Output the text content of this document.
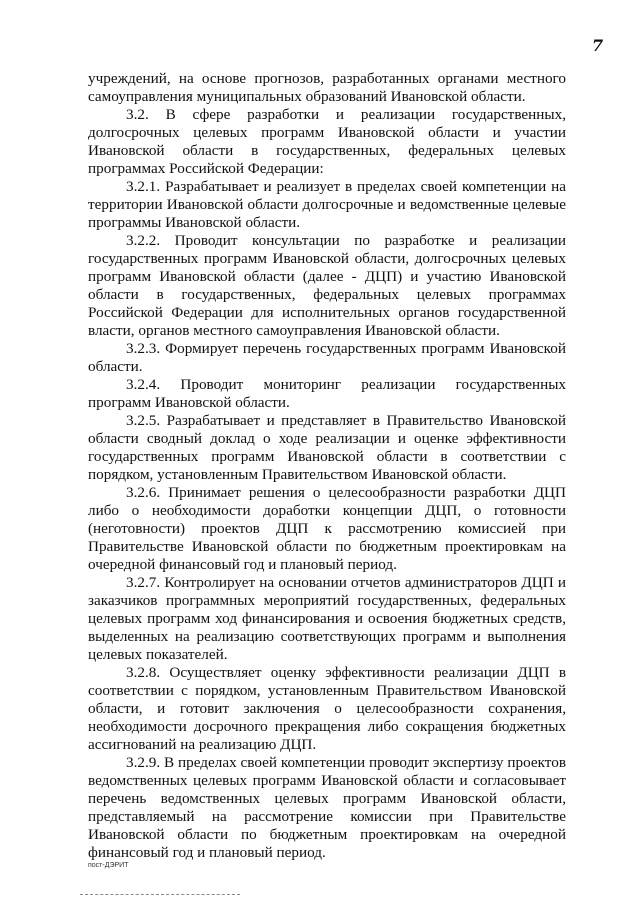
7

учреждений, на основе прогнозов, разработанных органами местного самоуправления муниципальных образований Ивановской области.

3.2. В сфере разработки и реализации государственных, долгосрочных целевых программ Ивановской области и участии Ивановской области в государственных, федеральных целевых программах Российской Федерации:

3.2.1. Разрабатывает и реализует в пределах своей компетенции на территории Ивановской области долгосрочные и ведомственные целевые программы Ивановской области.

3.2.2. Проводит консультации по разработке и реализации государственных программ Ивановской области, долгосрочных целевых программ Ивановской области (далее - ДЦП) и участию Ивановской области в государственных, федеральных целевых программах Российской Федерации для исполнительных органов государственной власти, органов местного самоуправления Ивановской области.

3.2.3. Формирует перечень государственных программ Ивановской области.

3.2.4. Проводит мониторинг реализации государственных программ Ивановской области.

3.2.5. Разрабатывает и представляет в Правительство Ивановской области сводный доклад о ходе реализации и оценке эффективности государственных программ Ивановской области в соответствии с порядком, установленным Правительством Ивановской области.

3.2.6. Принимает решения о целесообразности разработки ДЦП либо о необходимости доработки концепции ДЦП, о готовности (неготовности) проектов ДЦП к рассмотрению комиссией при Правительстве Ивановской области по бюджетным проектировкам на очередной финансовый год и плановый период.

3.2.7. Контролирует на основании отчетов администраторов ДЦП и заказчиков программных мероприятий государственных, федеральных целевых программ ход финансирования и освоения бюджетных средств, выделенных на реализацию соответствующих программ и выполнения целевых показателей.

3.2.8. Осуществляет оценку эффективности реализации ДЦП в соответствии с порядком, установленным Правительством Ивановской области, и готовит заключения о целесообразности сохранения, необходимости досрочного прекращения либо сокращения бюджетных ассигнований на реализацию ДЦП.

3.2.9. В пределах своей компетенции проводит экспертизу проектов ведомственных целевых программ Ивановской области и согласовывает перечень ведомственных целевых программ Ивановской области, представляемый на рассмотрение комиссии при Правительстве Ивановской области по бюджетным проектировкам на очередной финансовый год и плановый период.

пост-ДЭРИТ
